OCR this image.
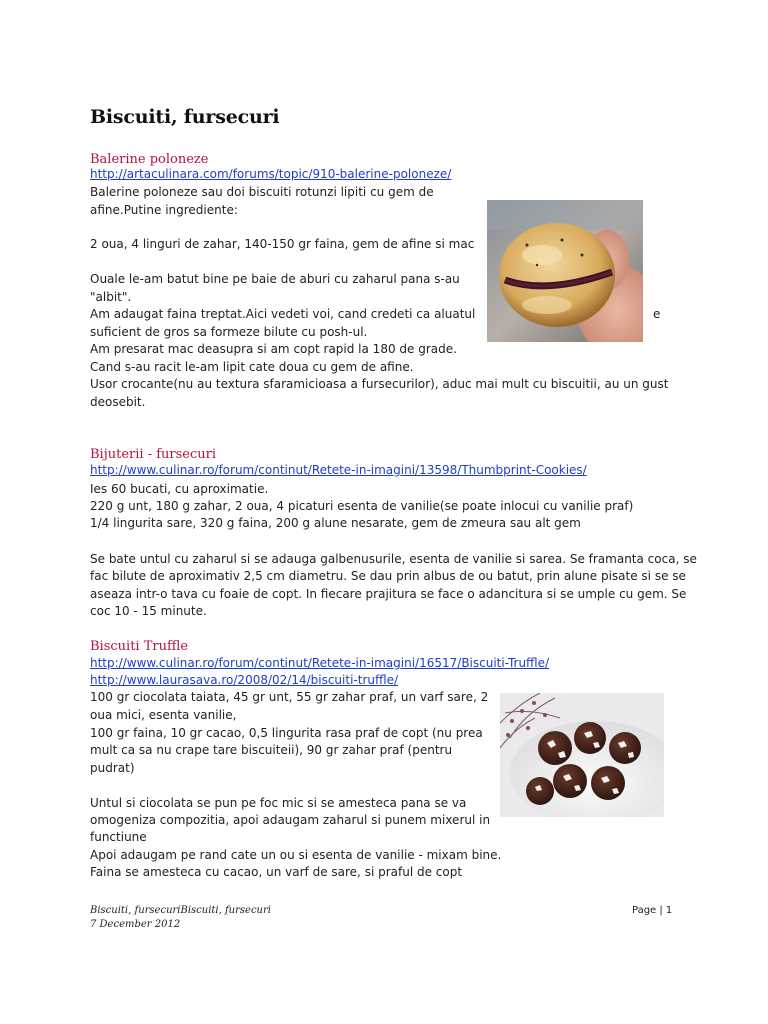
Biscuiti, fursecuri
Balerine poloneze
http://artaculinara.com/forums/topic/910-balerine-poloneze/
Balerine poloneze sau doi biscuiti rotunzi lipiti cu gem de
afine.Putine ingrediente:
2 oua, 4 linguri de zahar, 140-150 gr faina, gem de afine si mac
Ouale le-am batut bine pe baie de aburi cu zaharul pana s-au
"albit".
Am adaugat faina treptat.Aici vedeti voi, cand credeti ca aluatul	e
suficient de gros sa formeze bilute cu posh-ul.
Am presarat mac deasupra si am copt rapid la 180 de grade.
Cand s-au racit le-am lipit cate doua cu gem de afine.
Usor crocante(nu au textura sfaramicioasa a fursecurilor), aduc mai mult cu biscuitii, au un gust
deosebit.
Bijuterii - fursecuri
http://www.culinar.ro/forum/continut/Retete-in-imagini/13598/Thumbprint-Cookies/
Ies 60 bucati, cu aproximatie.
220 g unt, 180 g zahar, 2 oua, 4 picaturi esenta de vanilie(se poate inlocui cu vanilie praf)
1/4 lingurita sare, 320 g faina, 200 g alune nesarate, gem de zmeura sau alt gem
Se bate untul cu zaharul si se adauga galbenusurile, esenta de vanilie si sarea. Se framanta coca, se
fac bilute de aproximativ 2,5 cm diametru. Se dau prin albus de ou batut, prin alune pisate si se se
aseaza intr-o tava cu foaie de copt. In fiecare prajitura se face o adancitura si se umple cu gem. Se
coc 10 - 15 minute.
Biscuiti Truffle
http://www.culinar.ro/forum/continut/Retete-in-imagini/16517/Biscuiti-Truffle/
http://www.laurasava.ro/2008/02/14/biscuiti-truffle/
100 gr ciocolata taiata, 45 gr unt, 55 gr zahar praf, un varf sare, 2
oua mici, esenta vanilie,
100 gr faina, 10 gr cacao, 0,5 lingurita rasa praf de copt (nu prea
mult ca sa nu crape tare biscuiteii), 90 gr zahar praf (pentru
pudrat)
Untul si ciocolata se pun pe foc mic si se amesteca pana se va
omogeniza compozitia, apoi adaugam zaharul si punem mixerul in
functiune
Apoi adaugam pe rand cate un ou si esenta de vanilie - mixam bine.
Faina se amesteca cu cacao, un varf de sare, si praful de copt
Biscuiti, fursecuriBiscuiti, fursecuri
7 December 2012
Page | 1
